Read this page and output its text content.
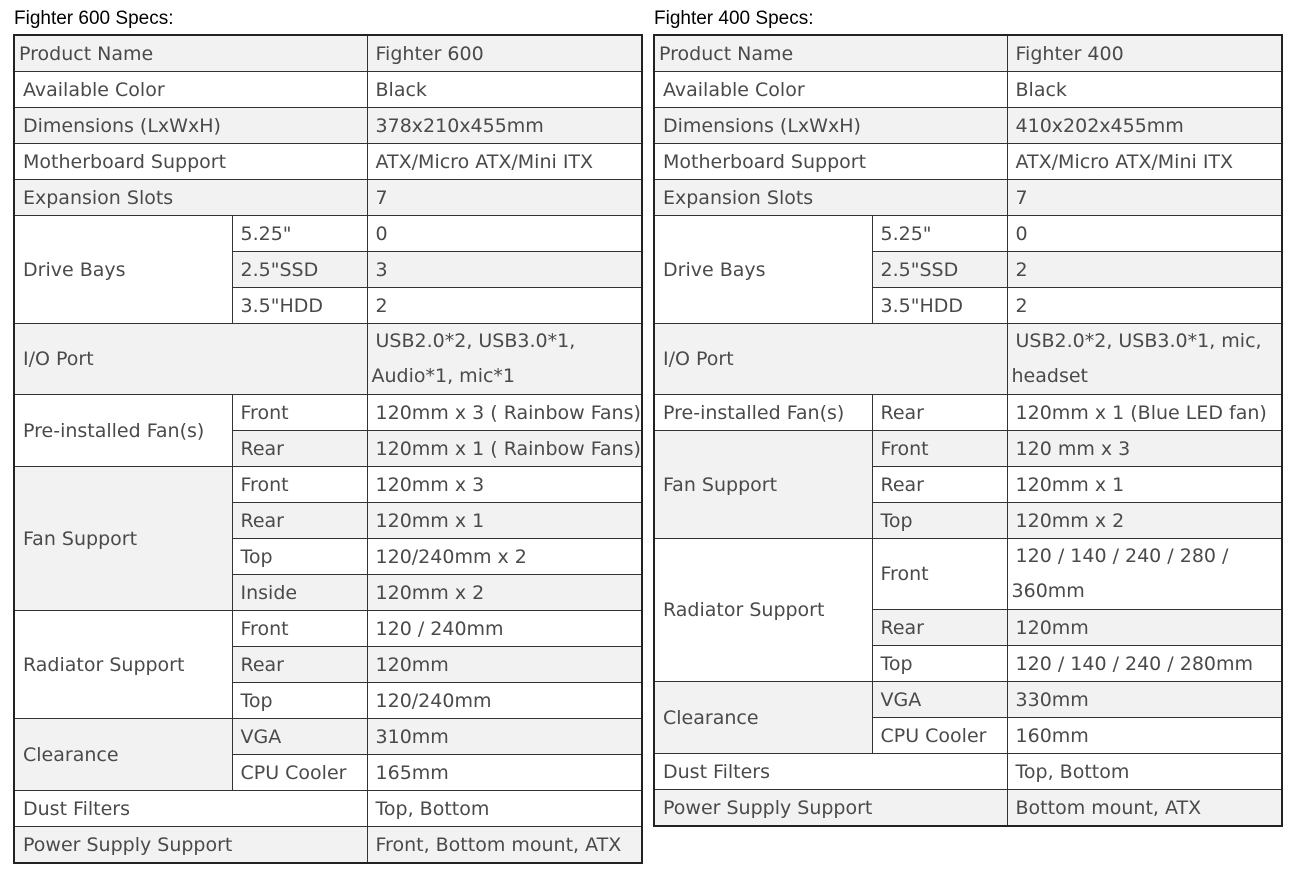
Fighter 600 Specs:
Product Name		Fighter 600
Available Color		Black
Dimensions (LxWxH)		378x210x455mm
Motherboard Support		ATX/Micro ATX/Mini ITX
Expansion Slots		7
Drive Bays	5.25"	0
	2.5"SSD	3
	3.5"HDD	2
I/O Port		USB2.0*2, USB3.0*1,
Audio*1, mic*1
Pre-installed Fan(s)	Front	120mm x 3 ( Rainbow Fans)
	Rear	120mm x 1 ( Rainbow Fans)
Fan Support	Front	120mm x 3
	Rear	120mm x 1
	Top	120/240mm x 2
	Inside	120mm x 2
Radiator Support	Front	120 / 240mm
	Rear	120mm
	Top	120/240mm
Clearance	VGA	310mm
	CPU Cooler	165mm
Dust Filters		Top, Bottom
Power Supply Support		Front, Bottom mount, ATX
Fighter 400 Specs:
Product Name		Fighter 400
Available Color		Black
Dimensions (LxWxH)		410x202x455mm
Motherboard Support		ATX/Micro ATX/Mini ITX
Expansion Slots		7
Drive Bays	5.25"	0
	2.5"SSD	2
	3.5"HDD	2
I/O Port		USB2.0*2, USB3.0*1, mic,
headset
Pre-installed Fan(s)	Rear	120mm x 1 (Blue LED fan)
Fan Support	Front	120 mm x 3
	Rear	120mm x 1
	Top	120mm x 2
Radiator Support	Front	120 / 140 / 240 / 280 /
360mm
	Rear	120mm
	Top	120 / 140 / 240 / 280mm
Clearance	VGA	330mm
	CPU Cooler	160mm
Dust Filters		Top, Bottom
Power Supply Support		Bottom mount, ATX
